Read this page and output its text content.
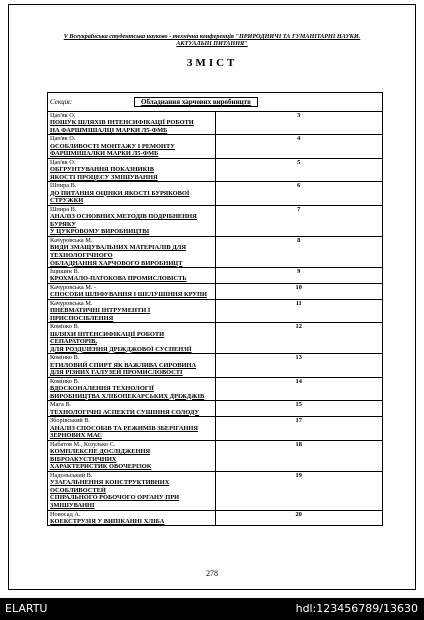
V Всеукраїнська студентська науково - технічна конференція "ПРИРОДНИЧІ ТА ГУМАНІТАРНІ НАУКИ. АКТУАЛЬНІ ПИТАННЯ"
ЗМІСТ
Секція: Обладнання харчових виробництв	

Цап'як О.
ПОШУК ШЛЯХІВ ІНТЕНСИФІКАЦІЇ РОБОТИ
НА ФАРШМІШАЛЦІ МАРКИ Л5-ФМБ	3

Цап'як О.
ОСОБЛИВОСТІ МОНТАЖУ І РЕМОНТУ
ФАРШМІШАЛКИ МАРКИ Л5-ФМБ	4

Цап'як О.
ОБГРУНТУВАННЯ ПОКАЗНИКІВ
ЯКОСТІ ПРОЦЕСУ ЗМІШУВАННЯ	5

Шпира В.
ДО ПИТАННЯ ОЦІНКИ ЯКОСТІ БУРЯКОВОЇ СТРУЖКИ	6

Шпира В.
АНАЛІЗ ОСНОВНИХ МЕТОДІВ ПОДРІБНЕННЯ БУРЯКУ
У ЦУКРОВОМУ ВИРОБНИЦТВІ	7

Качуровська М.
ВИДИ ЗМАЩУВАЛЬНИХ МАТЕРІАЛІВ ДЛЯ ТЕХНОЛОГІЧНОГО
ОБЛАДНАННЯ ХАРЧОВОГО ВИРОБНИЦТ	8

Іщишин В.
КРОХМАЛО-ПАТОКОВА ПРОМИСЛОВІСТЬ	9

Качуровська М. -
СПОСОБИ ШЛІФУВАННЯ І ШЕЛУШІННЯ КРУПИ	10

Качуровська М.
ПНЕВМАТИЧНІ ІНТРУМЕНТИ І ПРИСПОСІБЛЕННЯ	11

Комінко В.
ШЛЯХИ ІНТЕНСИФІКАЦІЇ РОБОТИ СЕПАРАТОРІВ,
ДЛЯ РОЗДІЛЕННЯ ДРІЖДЖОВОЇ СУСПЕНЗІЇ	12

Комінко В.
ЕТИЛОВИЙ СПИРТ ЯК ВАЖЛИВА СИРОВИНА
ДЛЯ РІЗНИХ ГАЛУЗЕЙ ПРОМИСЛОВОСТІ	13

Комінко В.
ВДОСКОНАЛЕННЯ ТЕХНОЛОГІЇ
ВИРОБНИЦТВА ХЛІБОПЕКАРСЬКИХ ДРІЖДЖІВ	14

Мага В.
ТЕХНОЛОГІЧНІ АСПЕКТИ СУШІННЯ СОЛОДУ	15

Зборівський В.
АНАЛІЗ СПОСОБІВ ТА РЕЖИМІВ ЗБЕРІГАННЯ ЗЕРНОВИХ МАС	17

Набатов М., Козулько С.
КОМПЛЕКСНЕ ДОСЛІДЖЕННЯ ВІБРОАКУСТИЧНИХ
ХАРАКТЕРИСТИК ОВОЧЕРІЗОК	18

Надольський В.
УЗАГАЛЬНЕННЯ КОНСТРУКТИВНИХ ОСОБЛИВОСТЕЙ
СПІРАЛЬНОГО РОБОЧОГО ОРГАНУ ПРИ ЗМІШУВАННІ	19

Новосад А.
КОЕКСТРУЗІЯ У ВИПІКАННІ ХЛІБА	20
278
ELARTU	hdl:123456789/13630
